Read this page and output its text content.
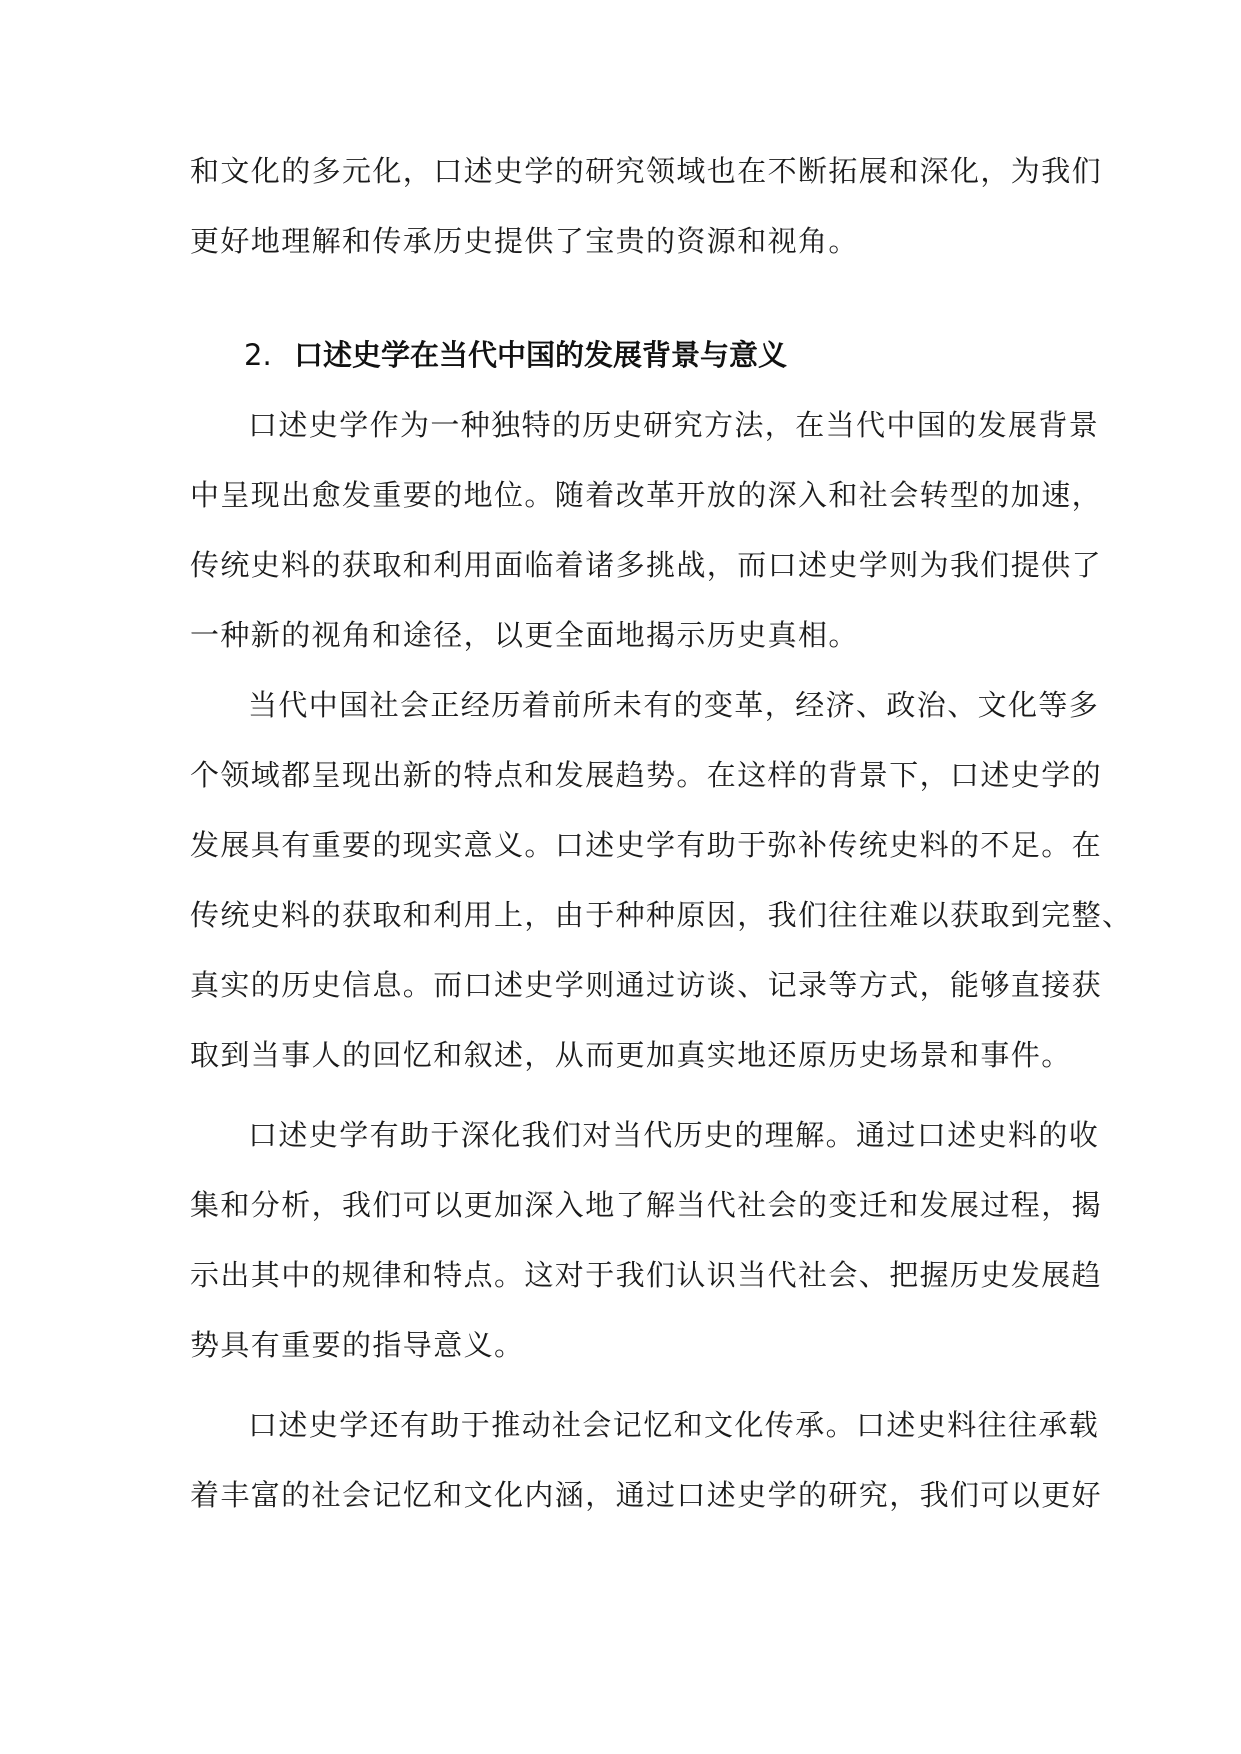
和文化的多元化，口述史学的研究领域也在不断拓展和深化，为我们
更好地理解和传承历史提供了宝贵的资源和视角。
2. 口述史学在当代中国的发展背景与意义
口述史学作为一种独特的历史研究方法，在当代中国的发展背景
中呈现出愈发重要的地位。随着改革开放的深入和社会转型的加速，
传统史料的获取和利用面临着诸多挑战，而口述史学则为我们提供了
一种新的视角和途径，以更全面地揭示历史真相。
当代中国社会正经历着前所未有的变革，经济、政治、文化等多
个领域都呈现出新的特点和发展趋势。在这样的背景下，口述史学的
发展具有重要的现实意义。口述史学有助于弥补传统史料的不足。在
传统史料的获取和利用上，由于种种原因，我们往往难以获取到完整、
真实的历史信息。而口述史学则通过访谈、记录等方式，能够直接获
取到当事人的回忆和叙述，从而更加真实地还原历史场景和事件。
口述史学有助于深化我们对当代历史的理解。通过口述史料的收
集和分析，我们可以更加深入地了解当代社会的变迁和发展过程，揭
示出其中的规律和特点。这对于我们认识当代社会、把握历史发展趋
势具有重要的指导意义。
口述史学还有助于推动社会记忆和文化传承。口述史料往往承载
着丰富的社会记忆和文化内涵，通过口述史学的研究，我们可以更好
